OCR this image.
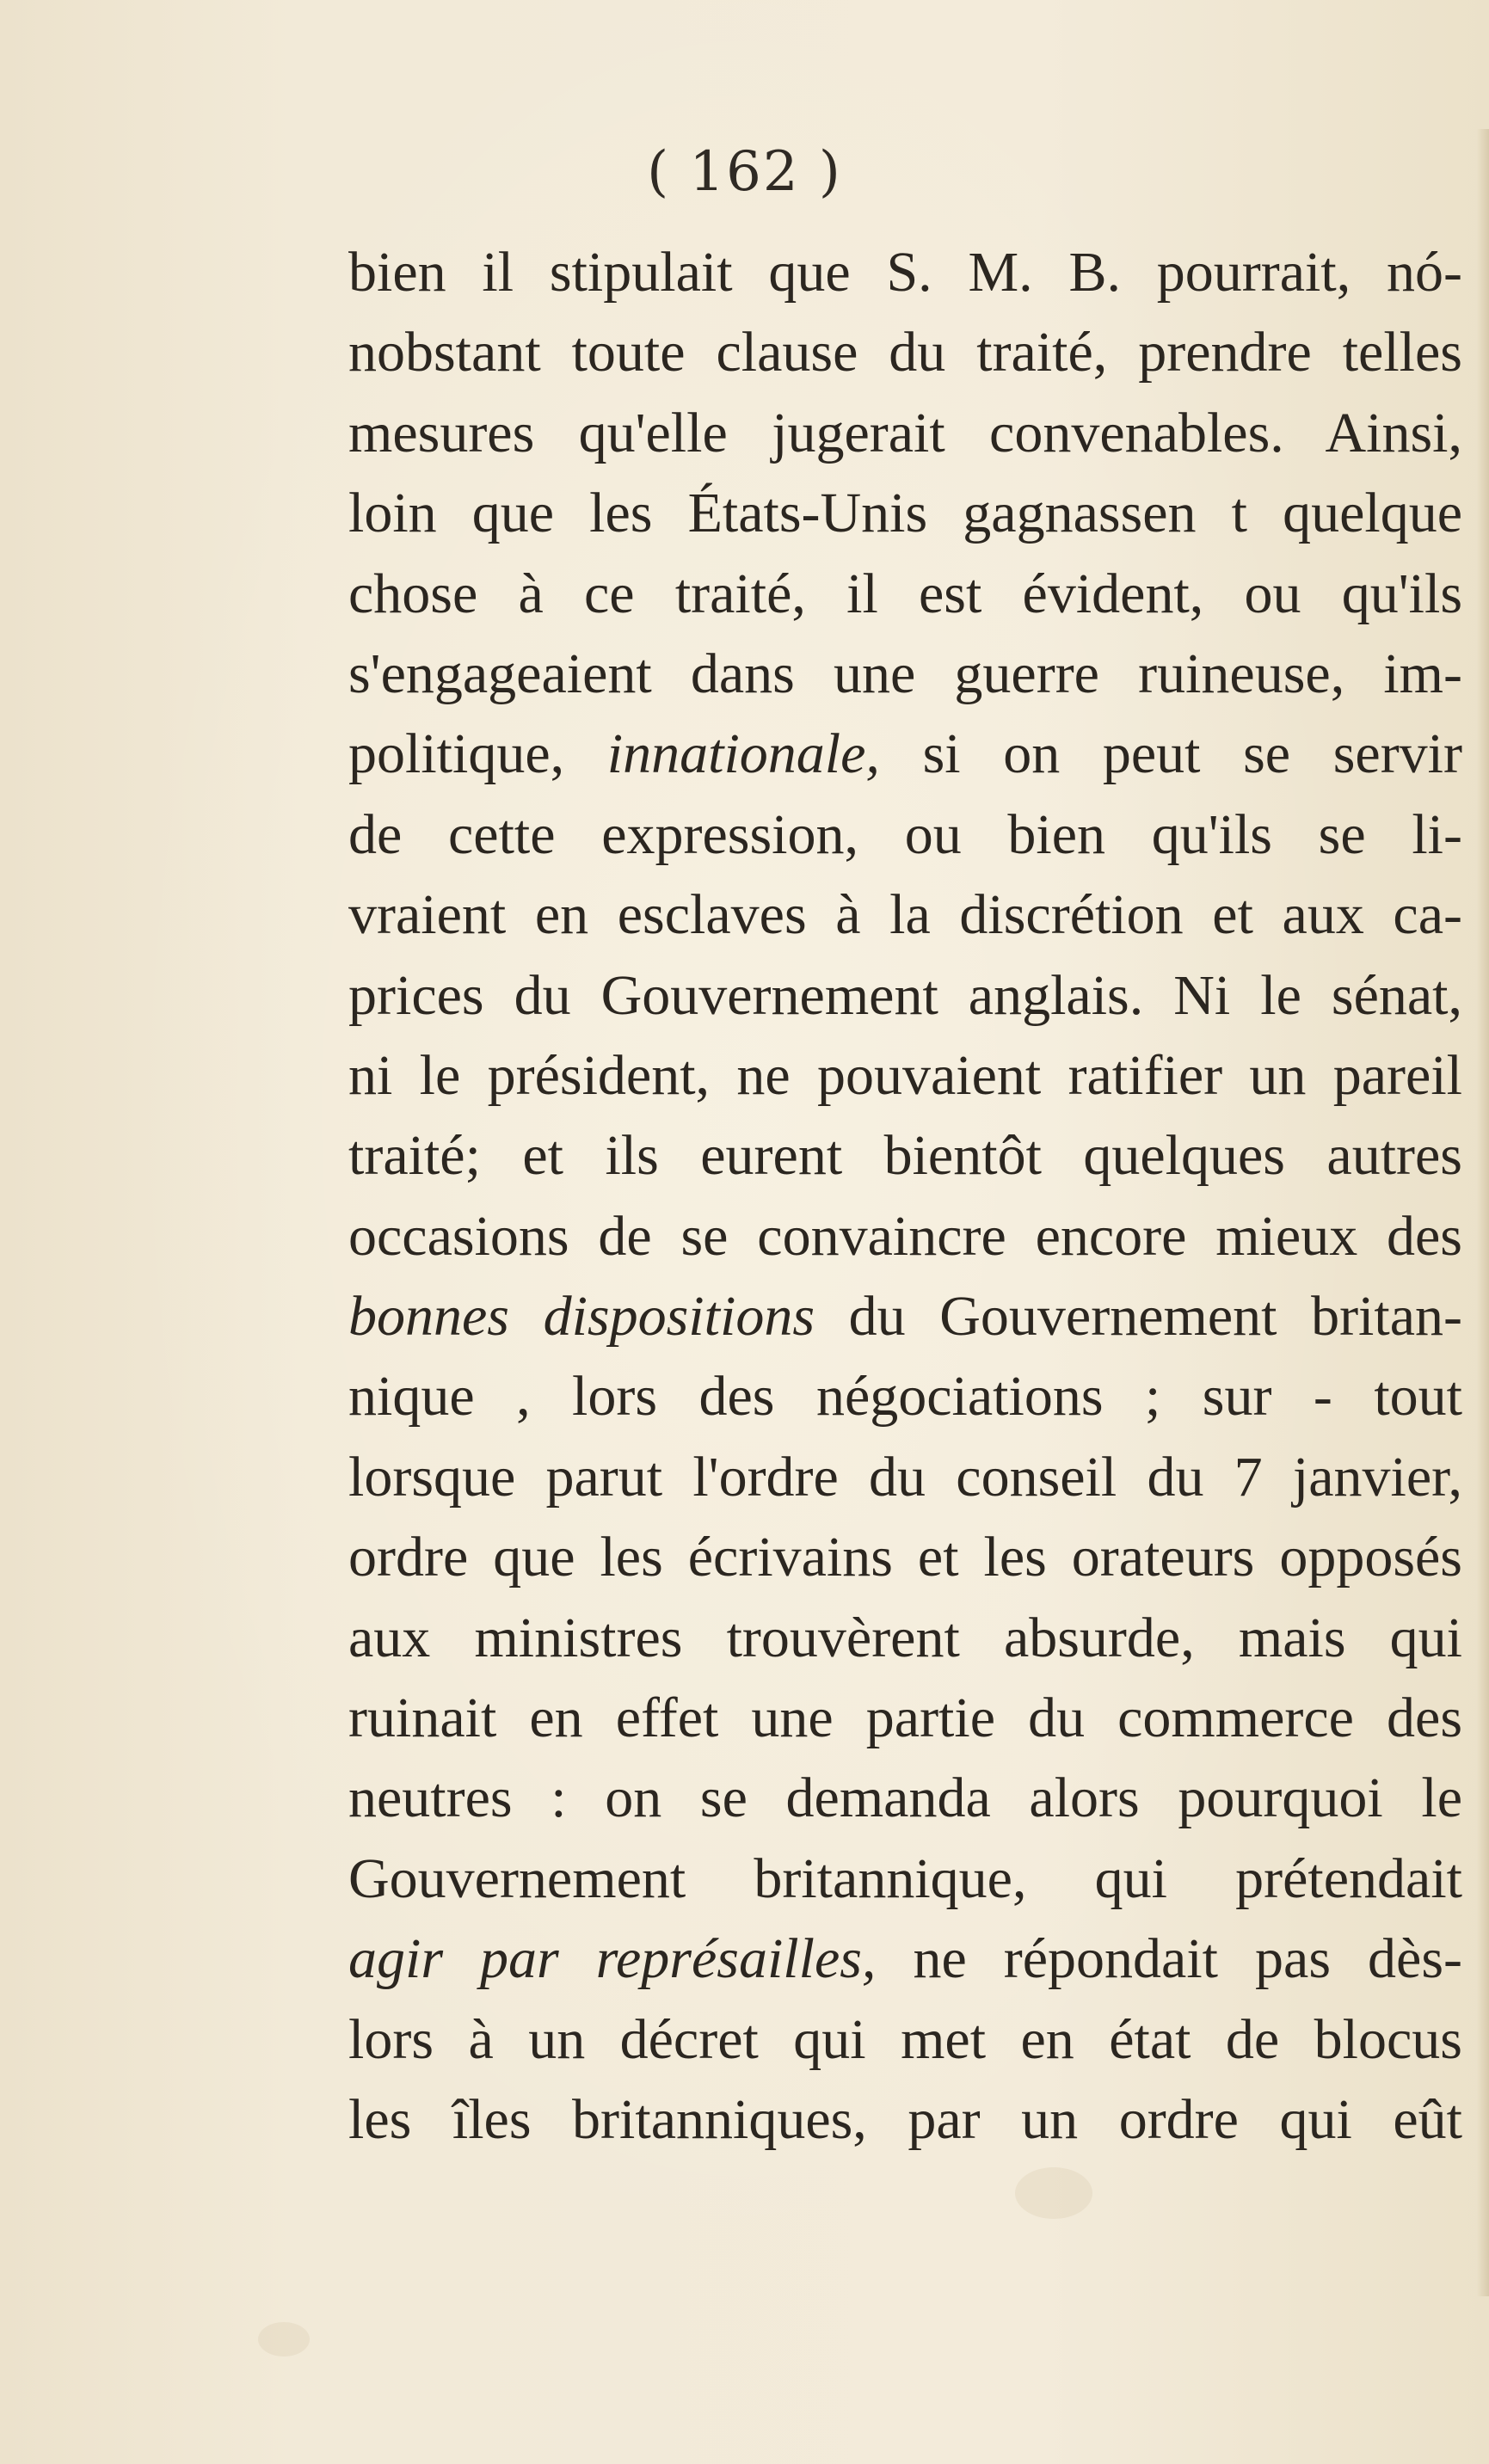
( 162 )
bien il stipulait que S. M. B. pourrait, nó-
nobstant toute clause du traité, prendre telles
mesures qu'elle jugerait convenables. Ainsi,
loin que les États-Unis gagnassen t quelque
chose à ce traité, il est évident, ou qu'ils
s'engageaient dans une guerre ruineuse, im-
politique, innationale, si on peut se servir
de cette expression, ou bien qu'ils se li-
vraient en esclaves à la discrétion et aux ca-
prices du Gouvernement anglais. Ni le sénat,
ni le président, ne pouvaient ratifier un pareil
traité; et ils eurent bientôt quelques autres
occasions de se convaincre encore mieux des
bonnes dispositions du Gouvernement britan-
nique , lors des négociations ; sur - tout
lorsque parut l'ordre du conseil du 7 janvier,
ordre que les écrivains et les orateurs opposés
aux ministres trouvèrent absurde, mais qui
ruinait en effet une partie du commerce des
neutres : on se demanda alors pourquoi le
Gouvernement britannique, qui prétendait
agir par représailles, ne répondait pas dès-
lors à un décret qui met en état de blocus
les îles britanniques, par un ordre qui eût
